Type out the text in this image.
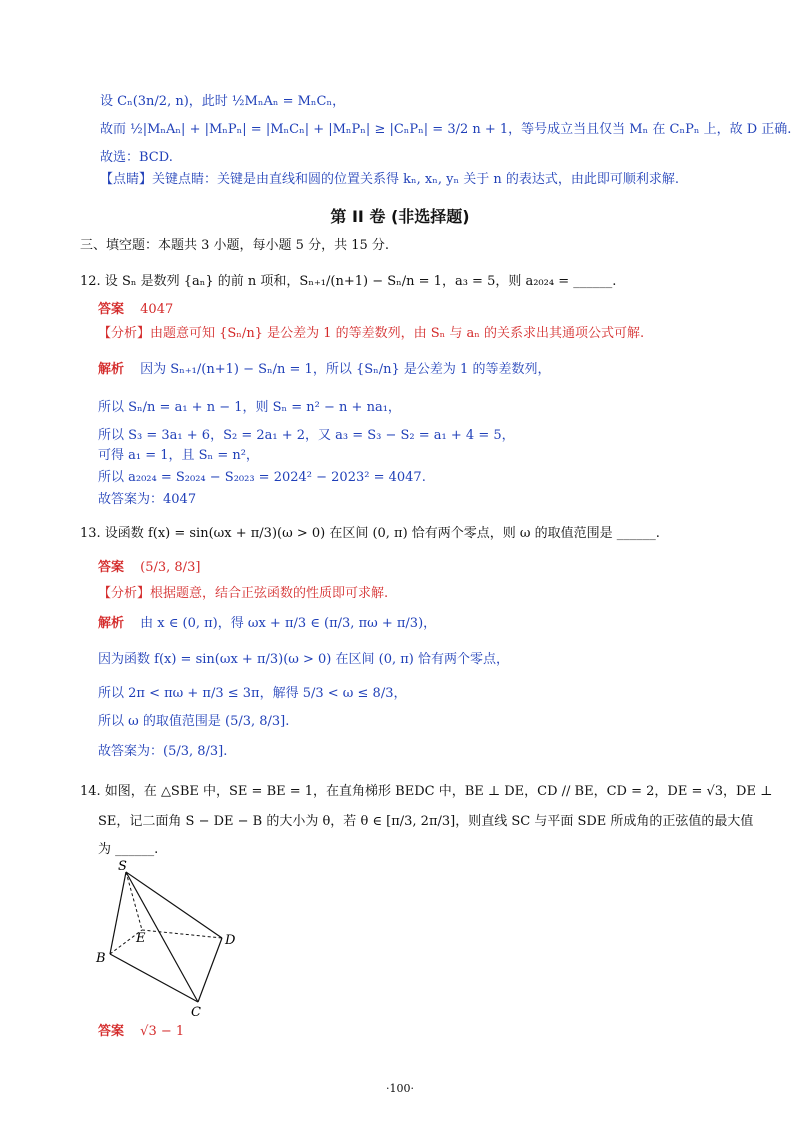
设 Cₙ(3n/2, n)，此时 ½MₙAₙ = MₙCₙ，
故而 ½|MₙAₙ| + |MₙPₙ| = |MₙCₙ| + |MₙPₙ| ≥ |CₙPₙ| = 3/2 n + 1，等号成立当且仅当 Mₙ 在 CₙPₙ 上，故 D 正确.
故选：BCD.
【点睛】关键点睛：关键是由直线和圆的位置关系得 kₙ, xₙ, yₙ 关于 n 的表达式，由此即可顺利求解.
第 II 卷 (非选择题)
三、填空题：本题共 3 小题，每小题 5 分，共 15 分.
12. 设 Sₙ 是数列 {aₙ} 的前 n 项和，Sₙ₊₁/(n+1) − Sₙ/n = 1，a₃ = 5，则 a₂₀₂₄ = ______.
答案 4047
【分析】由题意可知 {Sₙ/n} 是公差为 1 的等差数列，由 Sₙ 与 aₙ 的关系求出其通项公式可解.
解析 因为 Sₙ₊₁/(n+1) − Sₙ/n = 1，所以 {Sₙ/n} 是公差为 1 的等差数列，
所以 Sₙ/n = a₁ + n − 1，则 Sₙ = n² − n + na₁，
所以 S₃ = 3a₁ + 6，S₂ = 2a₁ + 2，又 a₃ = S₃ − S₂ = a₁ + 4 = 5，
可得 a₁ = 1，且 Sₙ = n²，
所以 a₂₀₂₄ = S₂₀₂₄ − S₂₀₂₃ = 2024² − 2023² = 4047.
故答案为：4047
13. 设函数 f(x) = sin(ωx + π/3)(ω > 0) 在区间 (0, π) 恰有两个零点，则 ω 的取值范围是 ______.
答案 (5/3, 8/3]
【分析】根据题意，结合正弦函数的性质即可求解.
解析 由 x ∈ (0, π)，得 ωx + π/3 ∈ (π/3, πω + π/3)，
因为函数 f(x) = sin(ωx + π/3)(ω > 0) 在区间 (0, π) 恰有两个零点，
所以 2π < πω + π/3 ≤ 3π，解得 5/3 < ω ≤ 8/3，
所以 ω 的取值范围是 (5/3, 8/3].
故答案为：(5/3, 8/3].
14. 如图，在 △SBE 中，SE = BE = 1，在直角梯形 BEDC 中，BE ⊥ DE，CD // BE，CD = 2，DE = √3，DE ⊥
SE，记二面角 S − DE − B 的大小为 θ，若 θ ∈ [π/3, 2π/3]，则直线 SC 与平面 SDE 所成角的正弦值的最大值
为 ______.
S
E	D
B
C
答案 √3 − 1
·100·
